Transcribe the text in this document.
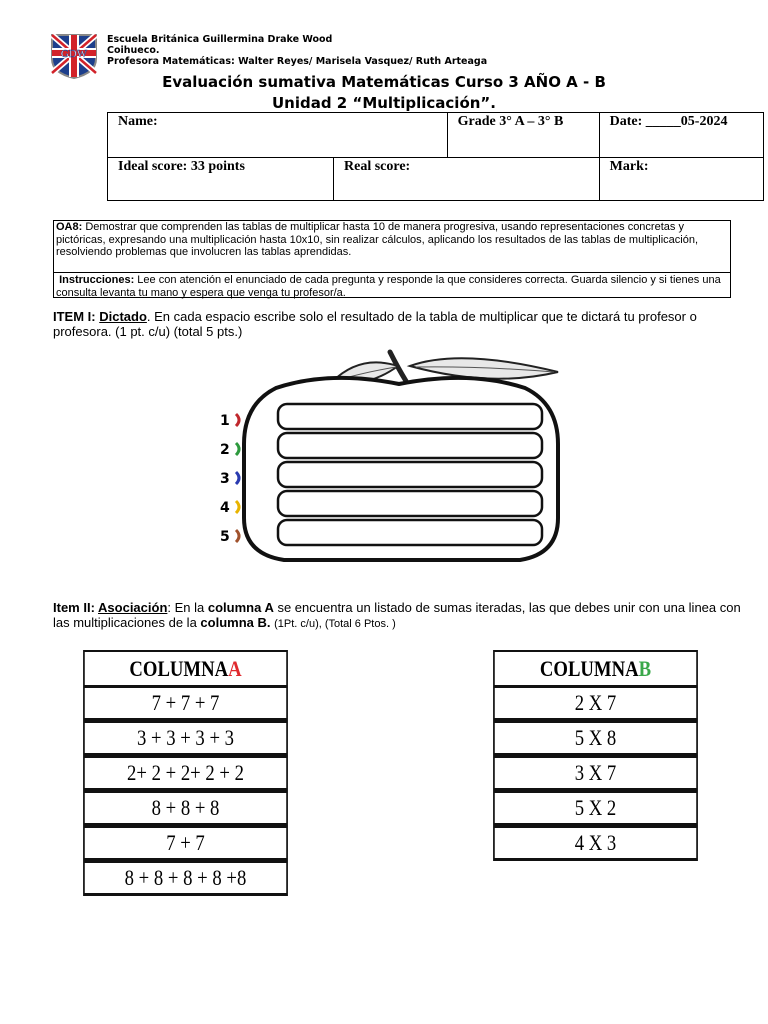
GDW
Escuela Británica Guillermina Drake Wood
Coihueco.
Profesora Matemáticas: Walter Reyes/ Marisela Vasquez/ Ruth Arteaga
Evaluación sumativa Matemáticas Curso 3 AÑO A - B
Unidad 2 “Multiplicación”.
Name:		Grade 3° A – 3° B	Date: _____05-2024
Ideal score: 33 points	Real score:		Mark:
OA8: Demostrar que comprenden las tablas de multiplicar hasta 10 de manera progresiva, usando representaciones concretas y pictóricas, expresando una multiplicación hasta 10x10, sin realizar cálculos, aplicando los resultados de las tablas de multiplicación, resolviendo problemas que involucren las tablas aprendidas.
Instrucciones: Lee con atención el enunciado de cada pregunta y responde la que consideres correcta. Guarda silencio y si tienes una consulta levanta tu mano y espera que venga tu profesor/a.
ITEM I: Dictado. En cada espacio escribe solo el resultado de la tabla de multiplicar que te dictará tu profesor o profesora. (1 pt. c/u) (total 5 pts.)
1
2
3
4
5
Item II: Asociación: En la columna A se encuentra un listado de sumas iteradas, las que debes unir con una linea con las multiplicaciones de la columna B. (1Pt. c/u), (Total 6 Ptos. )
COLUMNA A
7 + 7 + 7
3 + 3 + 3 + 3
2+ 2 + 2+ 2 + 2
8 + 8 + 8
7 + 7
8 + 8 + 8 + 8 +8
COLUMNA B
2 X 7
5 X 8
3 X 7
5 X 2
4 X 3
